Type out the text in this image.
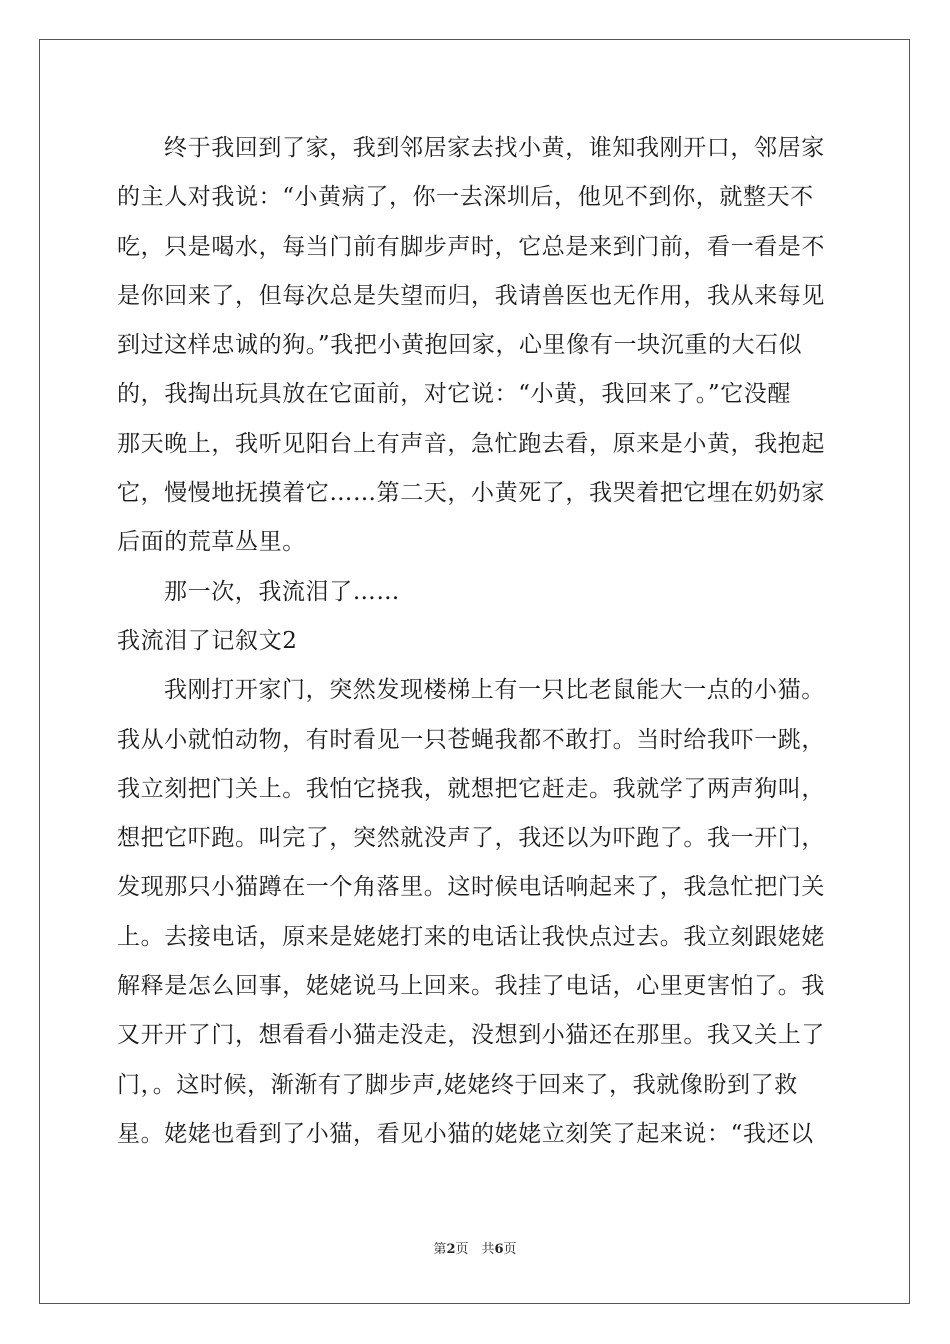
终于我回到了家，我到邻居家去找小黄，谁知我刚开口，邻居家
的主人对我说：“小黄病了，你一去深圳后，他见不到你，就整天不
吃，只是喝水，每当门前有脚步声时，它总是来到门前，看一看是不
是你回来了，但每次总是失望而归，我请兽医也无作用，我从来每见
到过这样忠诚的狗。”我把小黄抱回家，心里像有一块沉重的大石似
的，我掏出玩具放在它面前，对它说：“小黄，我回来了。”它没醒
那天晚上，我听见阳台上有声音，急忙跑去看，原来是小黄，我抱起
它，慢慢地抚摸着它……第二天，小黄死了，我哭着把它埋在奶奶家
后面的荒草丛里。
那一次，我流泪了……
我流泪了记叙文2
我刚打开家门，突然发现楼梯上有一只比老鼠能大一点的小猫。
我从小就怕动物，有时看见一只苍蝇我都不敢打。当时给我吓一跳，
我立刻把门关上。我怕它挠我，就想把它赶走。我就学了两声狗叫，
想把它吓跑。叫完了，突然就没声了，我还以为吓跑了。我一开门，
发现那只小猫蹲在一个角落里。这时候电话响起来了，我急忙把门关
上。去接电话，原来是姥姥打来的电话让我快点过去。我立刻跟姥姥
解释是怎么回事，姥姥说马上回来。我挂了电话，心里更害怕了。我
又开开了门，想看看小猫走没走，没想到小猫还在那里。我又关上了
门，。这时候，渐渐有了脚步声,姥姥终于回来了，我就像盼到了救
星。姥姥也看到了小猫，看见小猫的姥姥立刻笑了起来说：“我还以
第2页　共6页
